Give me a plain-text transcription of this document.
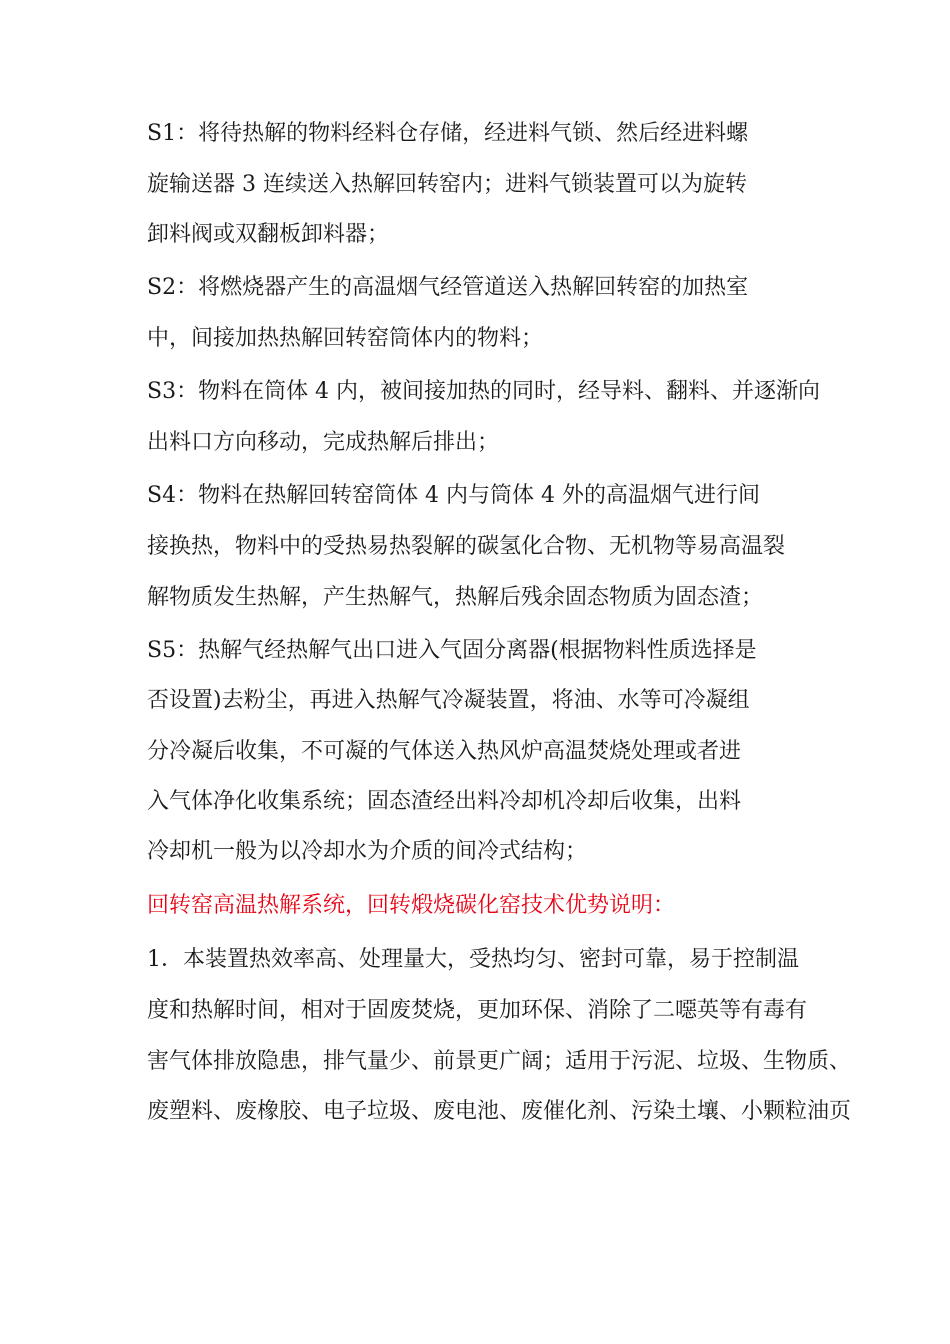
S1：将待热解的物料经料仓存储，经进料气锁、然后经进料螺
旋输送器 3 连续送入热解回转窑内；进料气锁装置可以为旋转
卸料阀或双翻板卸料器；
S2：将燃烧器产生的高温烟气经管道送入热解回转窑的加热室
中，间接加热热解回转窑筒体内的物料；
S3：物料在筒体 4 内，被间接加热的同时，经导料、翻料、并逐渐向
出料口方向移动，完成热解后排出；
S4：物料在热解回转窑筒体 4 内与筒体 4 外的高温烟气进行间
接换热，物料中的受热易热裂解的碳氢化合物、无机物等易高温裂
解物质发生热解，产生热解气，热解后残余固态物质为固态渣；
S5：热解气经热解气出口进入气固分离器(根据物料性质选择是
否设置)去粉尘，再进入热解气冷凝装置，将油、水等可冷凝组
分冷凝后收集，不可凝的气体送入热风炉高温焚烧处理或者进
入气体净化收集系统；固态渣经出料冷却机冷却后收集，出料
冷却机一般为以冷却水为介质的间冷式结构；
回转窑高温热解系统，回转煅烧碳化窑技术优势说明：
1．本装置热效率高、处理量大，受热均匀、密封可靠，易于控制温
度和热解时间，相对于固废焚烧，更加环保、消除了二噁英等有毒有
害气体排放隐患，排气量少、前景更广阔；适用于污泥、垃圾、生物质、
废塑料、废橡胶、电子垃圾、废电池、废催化剂、污染土壤、小颗粒油页
